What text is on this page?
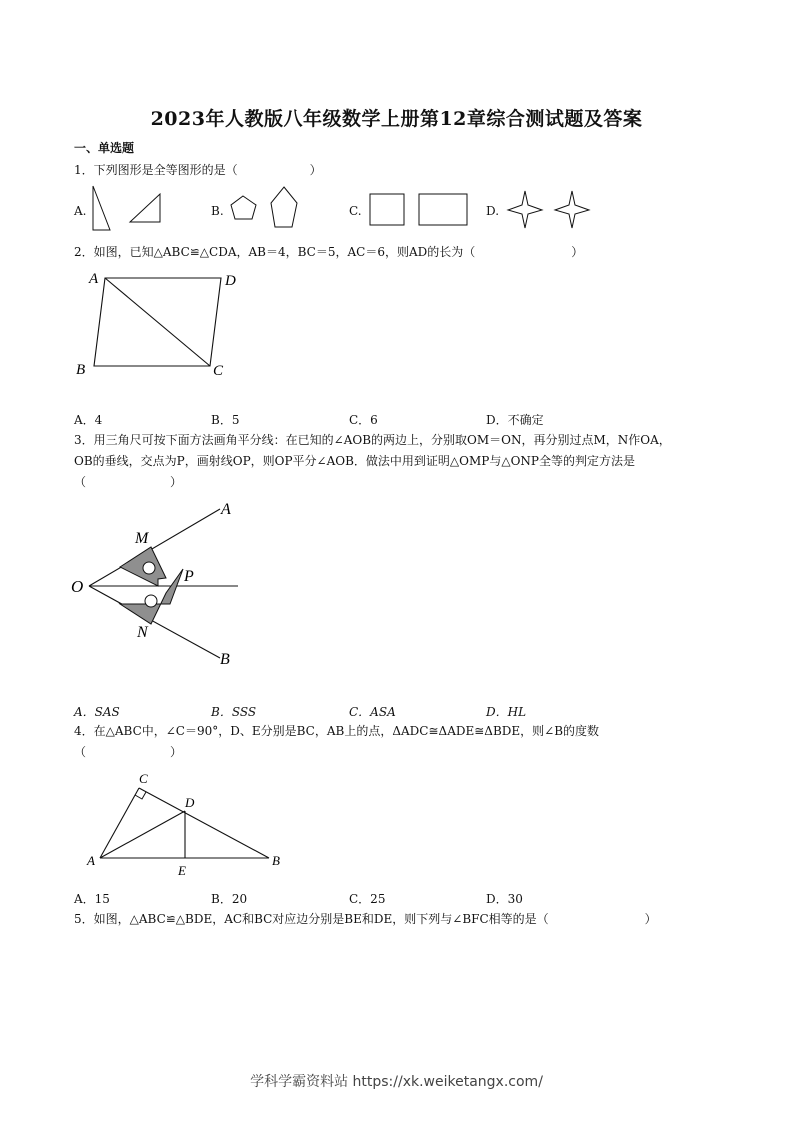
2023年人教版八年级数学上册第12章综合测试题及答案
一、单选题
1．下列图形是全等图形的是（　　　　　　）
A.	B.	C.	D.
2．如图，已知△ABC≌△CDA，AB＝4，BC＝5，AC＝6，则AD的长为（　　　　　　　　）
A	D
B	C
A．4	B．5	C．6	D．不确定
3．用三角尺可按下面方法画角平分线：在已知的∠AOB的两边上，分别取OM＝ON，再分别过点M，N作OA，
OB的垂线，交点为P，画射线OP，则OP平分∠AOB．做法中用到证明△OMP与△ONP全等的判定方法是
（　　　　　　　）
A
M
P
O
N
B
A．SAS	B．SSS	C．ASA	D．HL
4．在△ABC中，∠C＝90°，D、E分别是BC，AB上的点，ΔADC≅ΔADE≅ΔBDE，则∠B的度数
（　　　　　　　）
C
D
A	B
E
A．15	B．20	C．25	D．30
5．如图，△ABC≌△BDE，AC和BC对应边分别是BE和DE，则下列与∠BFC相等的是（　　　　　　　　）
学科学霸资料站 https://xk.weiketangx.com/
